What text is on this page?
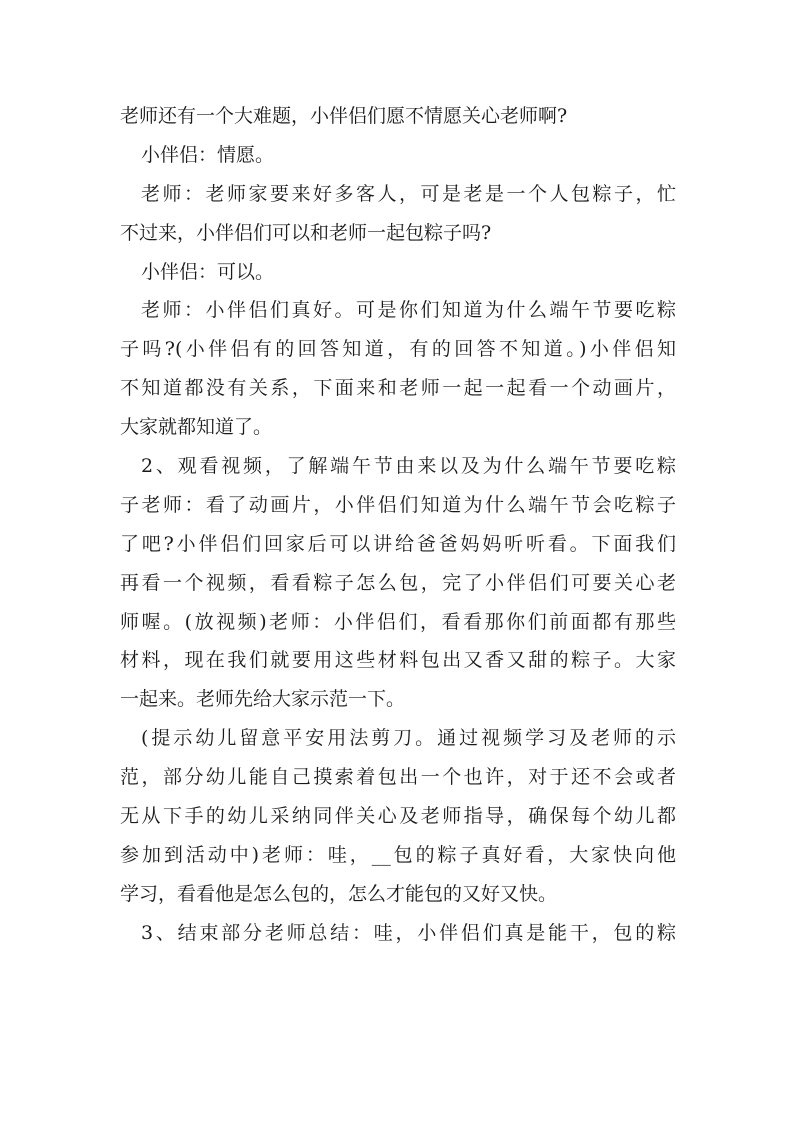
老师还有一个大难题，小伴侣们愿不情愿关心老师啊?
小伴侣：情愿。
老师：老师家要来好多客人，可是老是一个人包粽子，忙
不过来，小伴侣们可以和老师一起包粽子吗?
小伴侣：可以。
老师：小伴侣们真好。可是你们知道为什么端午节要吃粽
子吗?(小伴侣有的回答知道，有的回答不知道。)小伴侣知
不知道都没有关系，下面来和老师一起一起看一个动画片，
大家就都知道了。
2、观看视频，了解端午节由来以及为什么端午节要吃粽
子老师：看了动画片，小伴侣们知道为什么端午节会吃粽子
了吧?小伴侣们回家后可以讲给爸爸妈妈听听看。下面我们
再看一个视频，看看粽子怎么包，完了小伴侣们可要关心老
师喔。(放视频)老师：小伴侣们，看看那你们前面都有那些
材料，现在我们就要用这些材料包出又香又甜的粽子。大家
一起来。老师先给大家示范一下。
(提示幼儿留意平安用法剪刀。通过视频学习及老师的示
范，部分幼儿能自己摸索着包出一个也许，对于还不会或者
无从下手的幼儿采纳同伴关心及老师指导，确保每个幼儿都
参加到活动中)老师：哇，__包的粽子真好看，大家快向他
学习，看看他是怎么包的，怎么才能包的又好又快。
3、结束部分老师总结：哇，小伴侣们真是能干，包的粽
